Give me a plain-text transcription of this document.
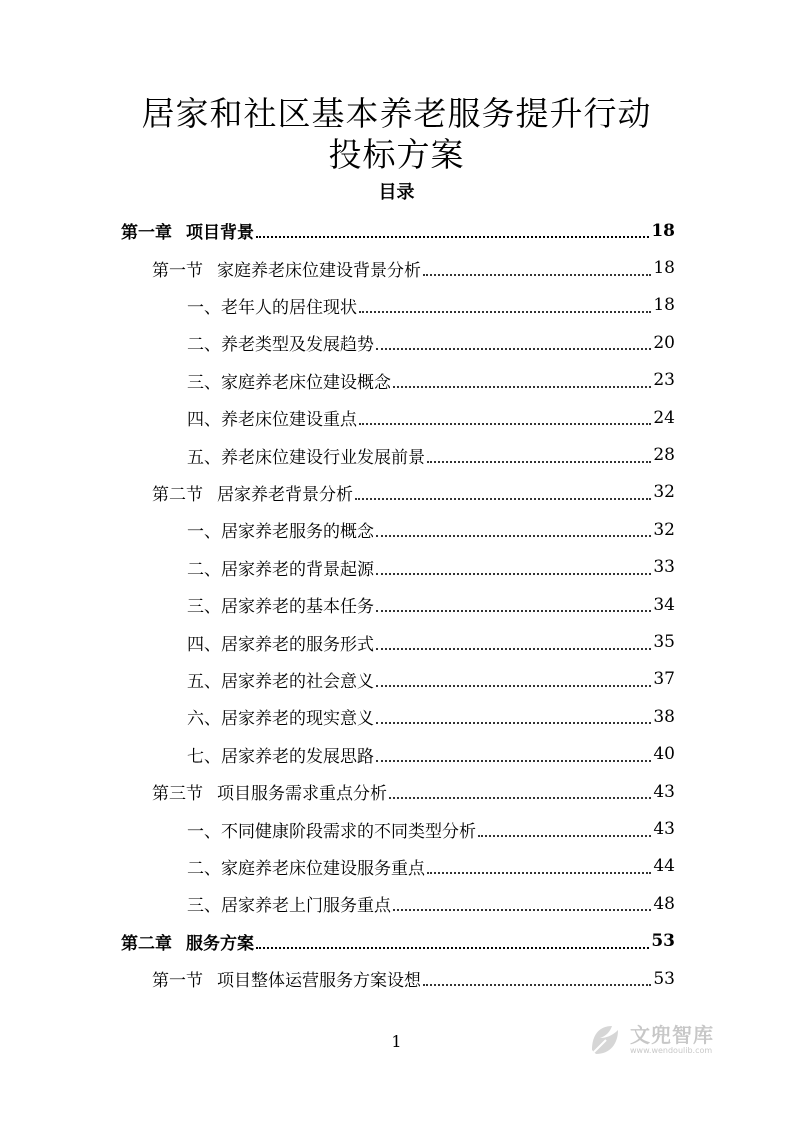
居家和社区基本养老服务提升行动
投标方案
目录
第一章 项目背景	18
第一节 家庭养老床位建设背景分析	18
一、老年人的居住现状	18
二、养老类型及发展趋势	20
三、家庭养老床位建设概念	23
四、养老床位建设重点	24
五、养老床位建设行业发展前景	28
第二节 居家养老背景分析	32
一、居家养老服务的概念	32
二、居家养老的背景起源	33
三、居家养老的基本任务	34
四、居家养老的服务形式	35
五、居家养老的社会意义	37
六、居家养老的现实意义	38
七、居家养老的发展思路	40
第三节 项目服务需求重点分析	43
一、不同健康阶段需求的不同类型分析	43
二、家庭养老床位建设服务重点	44
三、居家养老上门服务重点	48
第二章 服务方案	53
第一节 项目整体运营服务方案设想	53
1	文兜智库
www.wendoulib.com
